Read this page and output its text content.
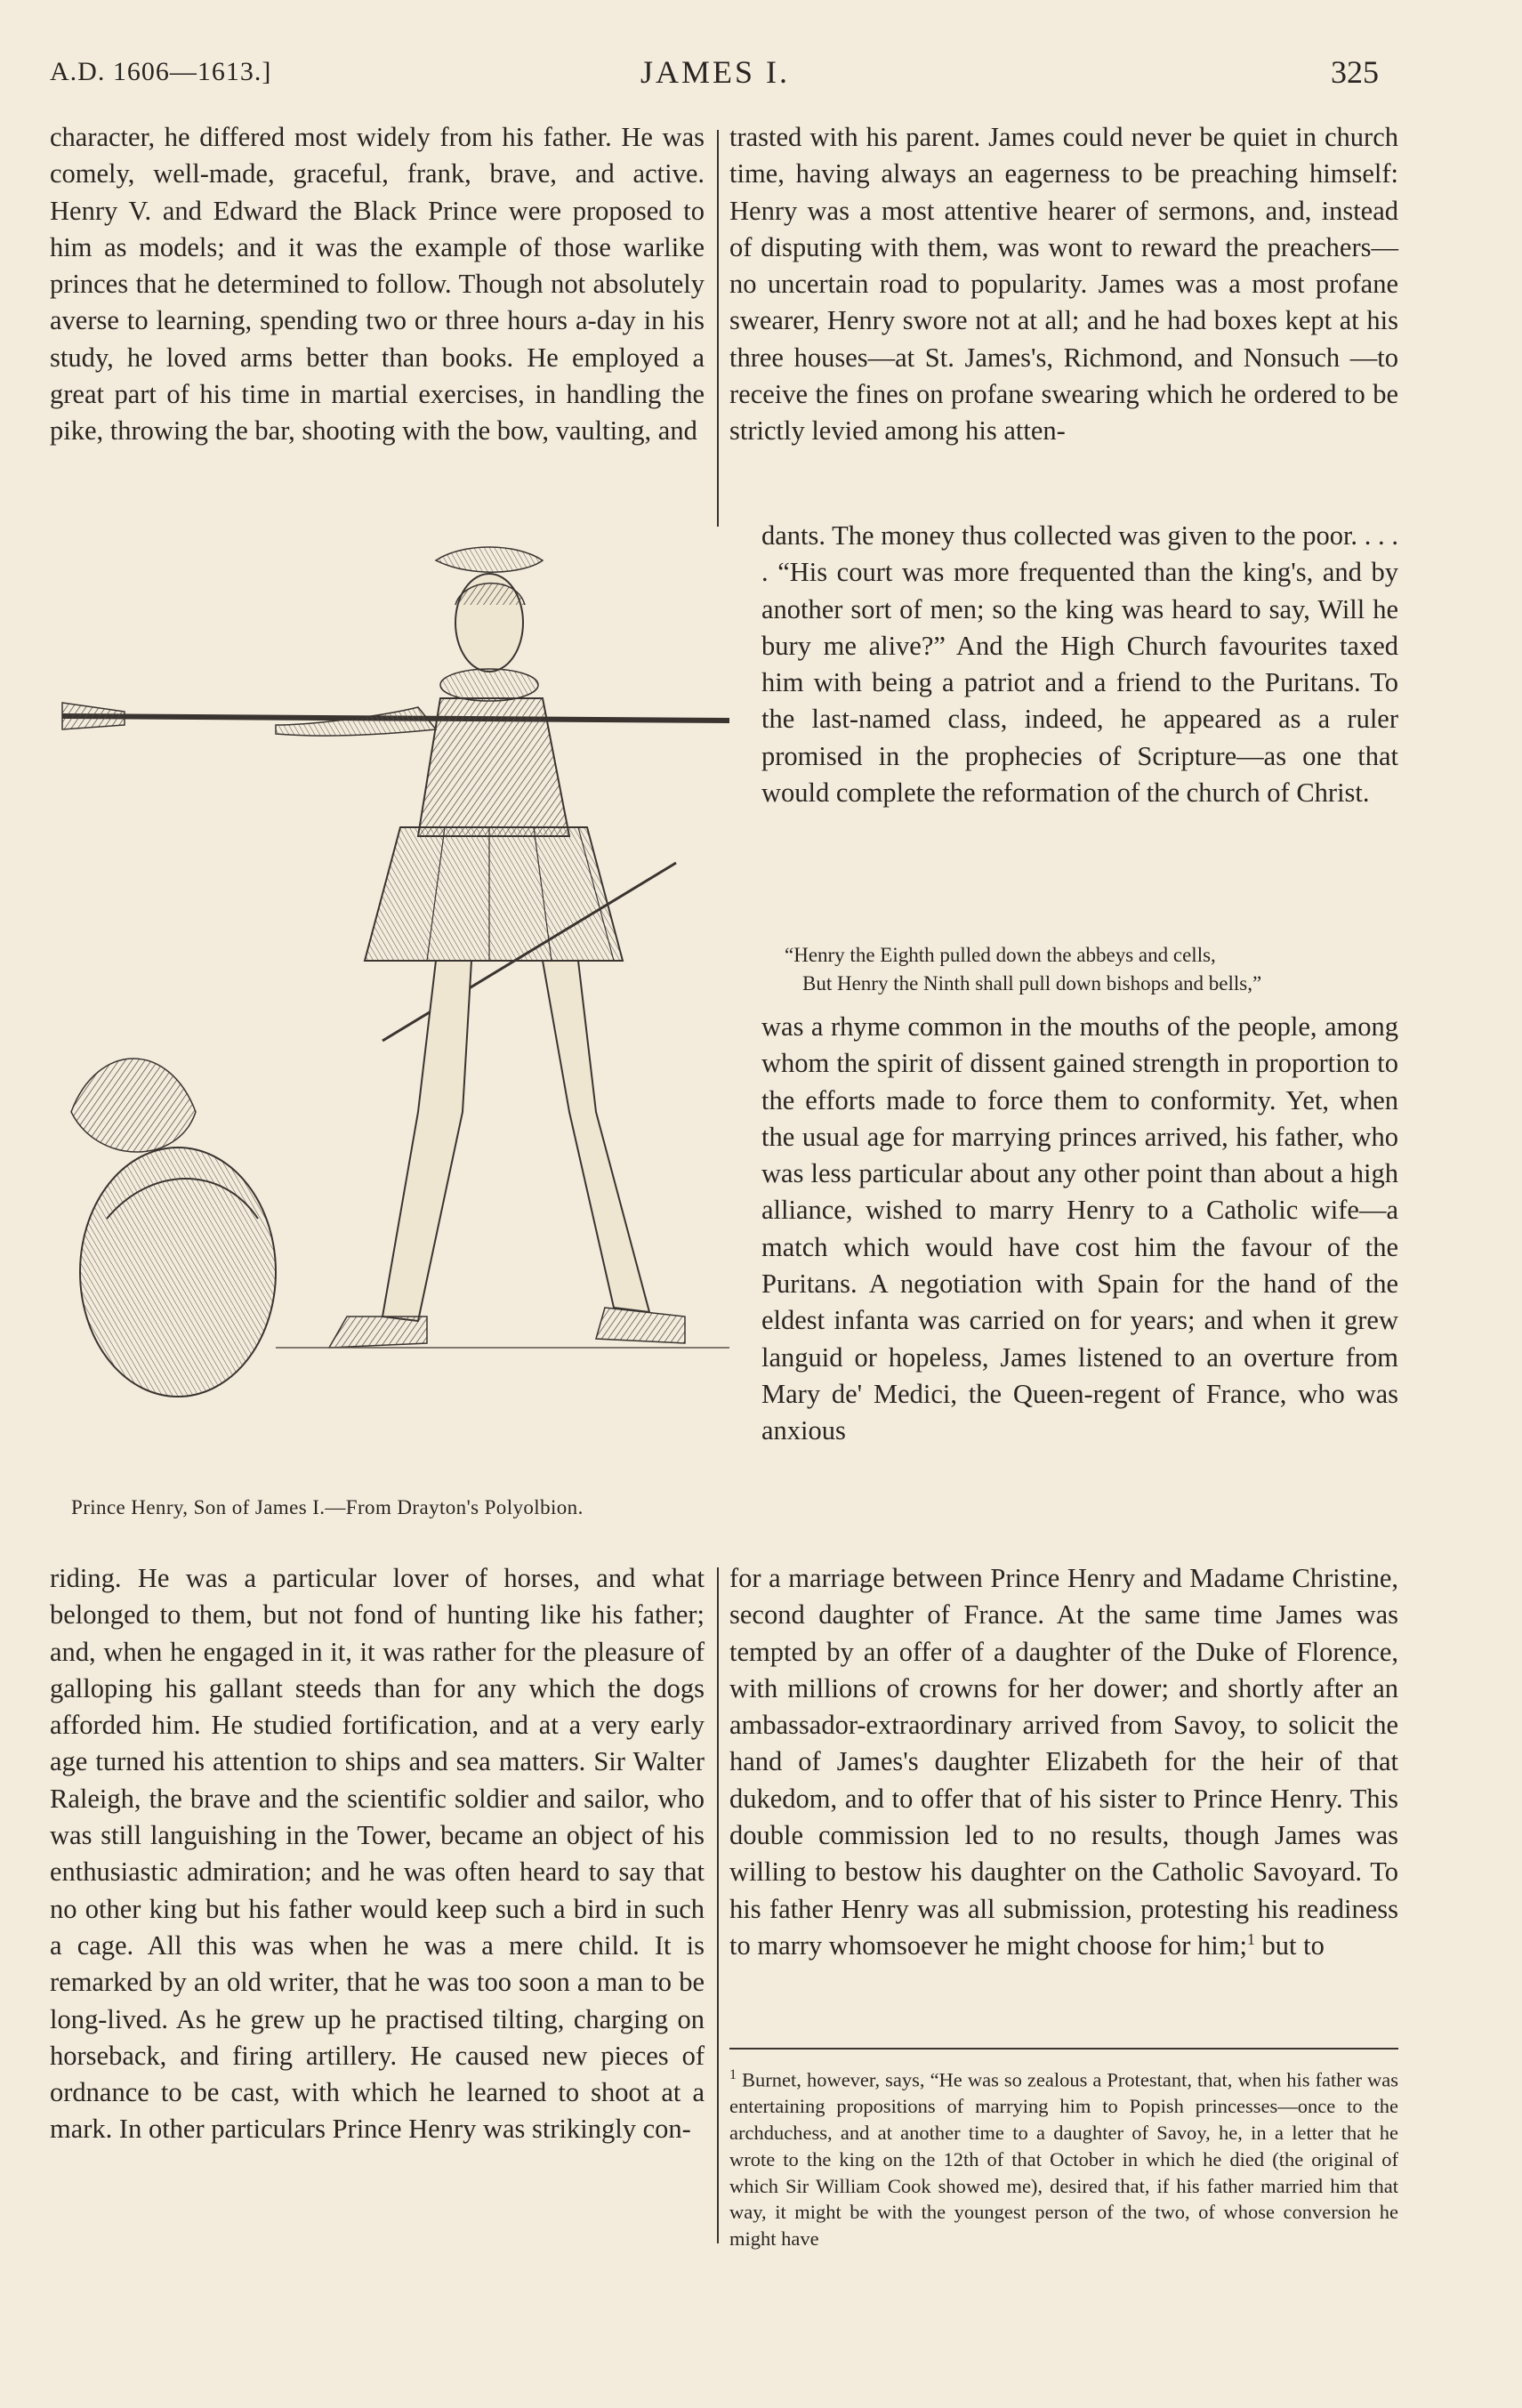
A.D. 1606—1613.]	JAMES I.	325

character, he differed most widely from his father. He was comely, well-made, graceful, frank, brave, and active. Henry V. and Edward the Black Prince were proposed to him as models; and it was the example of those warlike princes that he determined to follow. Though not absolutely averse to learning, spending two or three hours a-day in his study, he loved arms better than books. He employed a great part of his time in martial exercises, in handling the pike, throwing the bar, shooting with the bow, vaulting, and

trasted with his parent. James could never be quiet in church time, having always an eagerness to be preaching himself: Henry was a most attentive hearer of sermons, and, instead of disputing with them, was wont to reward the preachers—no uncertain road to popularity. James was a most profane swearer, Henry swore not at all; and he had boxes kept at his three houses—at St. James's, Richmond, and Nonsuch —to receive the fines on profane swearing which he ordered to be strictly levied among his atten-

Prince Henry, Son of James I.—From Drayton's Polyolbion.

dants. The money thus collected was given to the poor. . . . . “His court was more frequented than the king's, and by another sort of men; so the king was heard to say, Will he bury me alive?” And the High Church favourites taxed him with being a patriot and a friend to the Puritans. To the last-named class, indeed, he appeared as a ruler promised in the prophecies of Scripture—as one that would complete the reformation of the church of Christ.

“Henry the Eighth pulled down the abbeys and cells,

But Henry the Ninth shall pull down bishops and bells,”

was a rhyme common in the mouths of the people, among whom the spirit of dissent gained strength in proportion to the efforts made to force them to conformity. Yet, when the usual age for marrying princes arrived, his father, who was less particular about any other point than about a high alliance, wished to marry Henry to a Catholic wife—a match which would have cost him the favour of the Puritans. A negotiation with Spain for the hand of the eldest infanta was carried on for years; and when it grew languid or hopeless, James listened to an overture from Mary de' Medici, the Queen-regent of France, who was anxious

riding. He was a particular lover of horses, and what belonged to them, but not fond of hunting like his father; and, when he engaged in it, it was rather for the pleasure of galloping his gallant steeds than for any which the dogs afforded him. He studied fortification, and at a very early age turned his attention to ships and sea matters. Sir Walter Raleigh, the brave and the scientific soldier and sailor, who was still languishing in the Tower, became an object of his enthusiastic admiration; and he was often heard to say that no other king but his father would keep such a bird in such a cage. All this was when he was a mere child. It is remarked by an old writer, that he was too soon a man to be long-lived. As he grew up he practised tilting, charging on horseback, and firing artillery. He caused new pieces of ordnance to be cast, with which he learned to shoot at a mark. In other particulars Prince Henry was strikingly con-

for a marriage between Prince Henry and Madame Christine, second daughter of France. At the same time James was tempted by an offer of a daughter of the Duke of Florence, with millions of crowns for her dower; and shortly after an ambassador-extraordinary arrived from Savoy, to solicit the hand of James's daughter Elizabeth for the heir of that dukedom, and to offer that of his sister to Prince Henry. This double commission led to no results, though James was willing to bestow his daughter on the Catholic Savoyard. To his father Henry was all submission, protesting his readiness to marry whomsoever he might choose for him;$^1$ but to

$^1$ Burnet, however, says, “He was so zealous a Protestant, that, when his father was entertaining propositions of marrying him to Popish princesses—once to the archduchess, and at another time to a daughter of Savoy, he, in a letter that he wrote to the king on the 12th of that October in which he died (the original of which Sir William Cook showed me), desired that, if his father married him that way, it might be with the youngest person of the two, of whose conversion he might have
